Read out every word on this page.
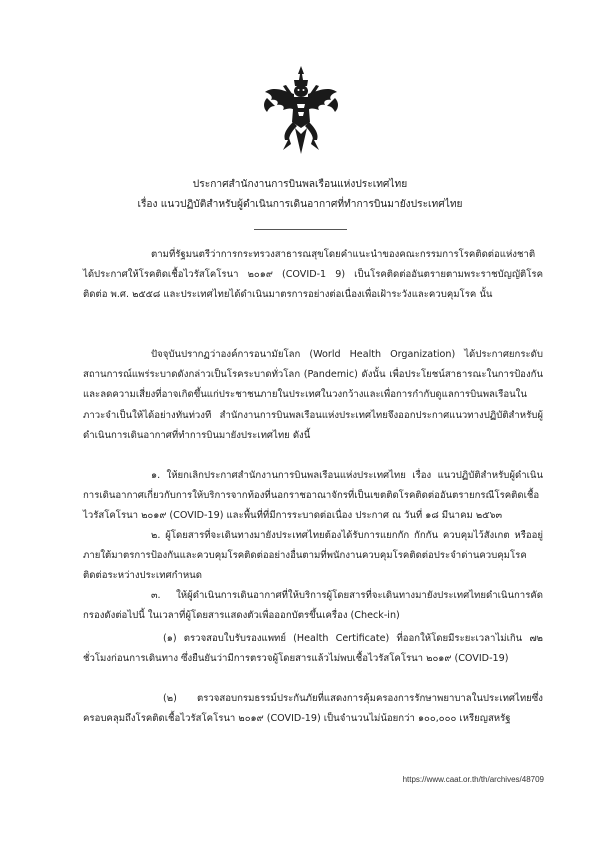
ประกาศสำนักงานการบินพลเรือนแห่งประเทศไทย
เรื่อง แนวปฏิบัติสำหรับผู้ดำเนินการเดินอากาศที่ทำการบินมายังประเทศไทย

ตามที่รัฐมนตรีว่าการกระทรวงสาธารณสุขโดยคำแนะนำของคณะกรรมการโรคติดต่อแห่งชาติ ได้ประกาศให้โรคติดเชื้อไวรัสโคโรนา ๒๐๑๙ (COVID-1 9) เป็นโรคติดต่ออันตรายตามพระราชบัญญัติโรคติดต่อ พ.ศ. ๒๕๕๘ และประเทศไทยได้ดำเนินมาตรการอย่างต่อเนื่องเพื่อเฝ้าระวังและควบคุมโรค นั้น

ปัจจุบันปรากฏว่าองค์การอนามัยโลก (World Health Organization) ได้ประกาศยกระดับสถานการณ์แพร่ระบาดดังกล่าวเป็นโรคระบาดทั่วโลก (Pandemic) ดังนั้น เพื่อประโยชน์สาธารณะในการป้องกันและลดความเสี่ยงที่อาจเกิดขึ้นแก่ประชาชนภายในประเทศในวงกว้างและเพื่อการกำกับดูแลการบินพลเรือนในภาวะจำเป็นให้ได้อย่างทันท่วงที สำนักงานการบินพลเรือนแห่งประเทศไทยจึงออกประกาศแนวทางปฏิบัติสำหรับผู้ดำเนินการเดินอากาศที่ทำการบินมายังประเทศไทย ดังนี้

๑. ให้ยกเลิกประกาศสำนักงานการบินพลเรือนแห่งประเทศไทย เรื่อง แนวปฏิบัติสำหรับผู้ดำเนินการเดินอากาศเกี่ยวกับการให้บริการจากท้องที่นอกราชอาณาจักรที่เป็นเขตติดโรคติดต่ออันตรายกรณีโรคติดเชื้อไวรัสโคโรนา ๒๐๑๙ (COVID-19) และพื้นที่ที่มีการระบาดต่อเนื่อง ประกาศ ณ วันที่ ๑๘ มีนาคม ๒๕๖๓

๒. ผู้โดยสารที่จะเดินทางมายังประเทศไทยต้องได้รับการแยกกัก กักกัน ควบคุมไว้สังเกต หรืออยู่ภายใต้มาตรการป้องกันและควบคุมโรคติดต่ออย่างอื่นตามที่พนักงานควบคุมโรคติดต่อประจำด่านควบคุมโรคติดต่อระหว่างประเทศกำหนด

๓. ให้ผู้ดำเนินการเดินอากาศที่ให้บริการผู้โดยสารที่จะเดินทางมายังประเทศไทยดำเนินการคัดกรองดังต่อไปนี้ ในเวลาที่ผู้โดยสารแสดงตัวเพื่อออกบัตรขึ้นเครื่อง (Check-in)

(๑) ตรวจสอบใบรับรองแพทย์ (Health Certificate) ที่ออกให้โดยมีระยะเวลาไม่เกิน ๗๒ ชั่วโมงก่อนการเดินทาง ซึ่งยืนยันว่ามีการตรวจผู้โดยสารแล้วไม่พบเชื้อไวรัสโคโรนา ๒๐๑๙ (COVID-19)

(๒) ตรวจสอบกรมธรรม์ประกันภัยที่แสดงการคุ้มครองการรักษาพยาบาลในประเทศไทยซึ่งครอบคลุมถึงโรคติดเชื้อไวรัสโคโรนา ๒๐๑๙ (COVID-19) เป็นจำนวนไม่น้อยกว่า ๑๐๐,๐๐๐ เหรียญสหรัฐ

https://www.caat.or.th/th/archives/48709
